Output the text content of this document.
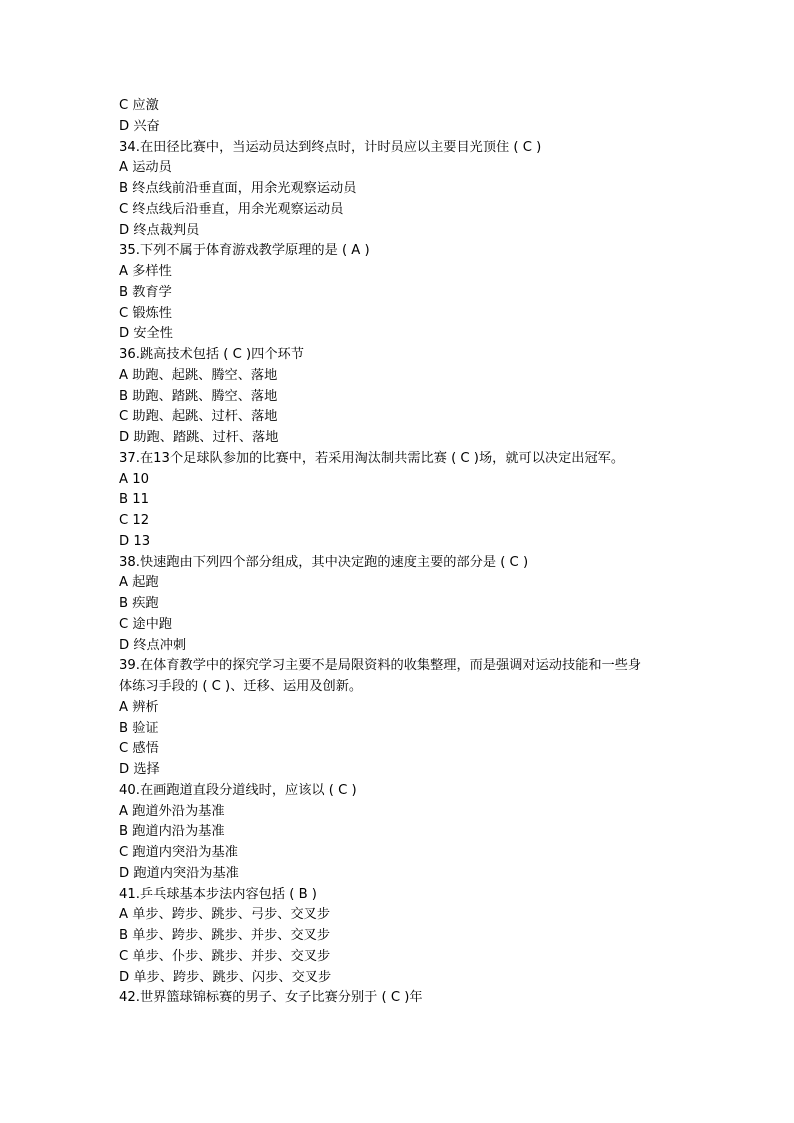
C 应激
D 兴奋
34.在田径比赛中，当运动员达到终点时，计时员应以主要目光顶住 ( C )
A 运动员
B 终点线前沿垂直面，用余光观察运动员
C 终点线后沿垂直，用余光观察运动员
D 终点裁判员
35.下列不属于体育游戏教学原理的是 ( A )
A 多样性
B 教育学
C 锻炼性
D 安全性
36.跳高技术包括 ( C )四个环节
A 助跑、起跳、腾空、落地
B 助跑、踏跳、腾空、落地
C 助跑、起跳、过杆、落地
D 助跑、踏跳、过杆、落地
37.在13个足球队参加的比赛中，若采用淘汰制共需比赛 ( C )场，就可以决定出冠军。
A 10
B 11
C 12
D 13
38.快速跑由下列四个部分组成，其中决定跑的速度主要的部分是 ( C )
A 起跑
B 疾跑
C 途中跑
D 终点冲刺
39.在体育教学中的探究学习主要不是局限资料的收集整理，而是强调对运动技能和一些身
体练习手段的 ( C )、迁移、运用及创新。
A 辨析
B 验证
C 感悟
D 选择
40.在画跑道直段分道线时，应该以 ( C )
A 跑道外沿为基准
B 跑道内沿为基准
C 跑道内突沿为基准
D 跑道内突沿为基准
41.乒乓球基本步法内容包括 ( B )
A 单步、跨步、跳步、弓步、交叉步
B 单步、跨步、跳步、并步、交叉步
C 单步、仆步、跳步、并步、交叉步
D 单步、跨步、跳步、闪步、交叉步
42.世界篮球锦标赛的男子、女子比赛分别于 ( C )年
